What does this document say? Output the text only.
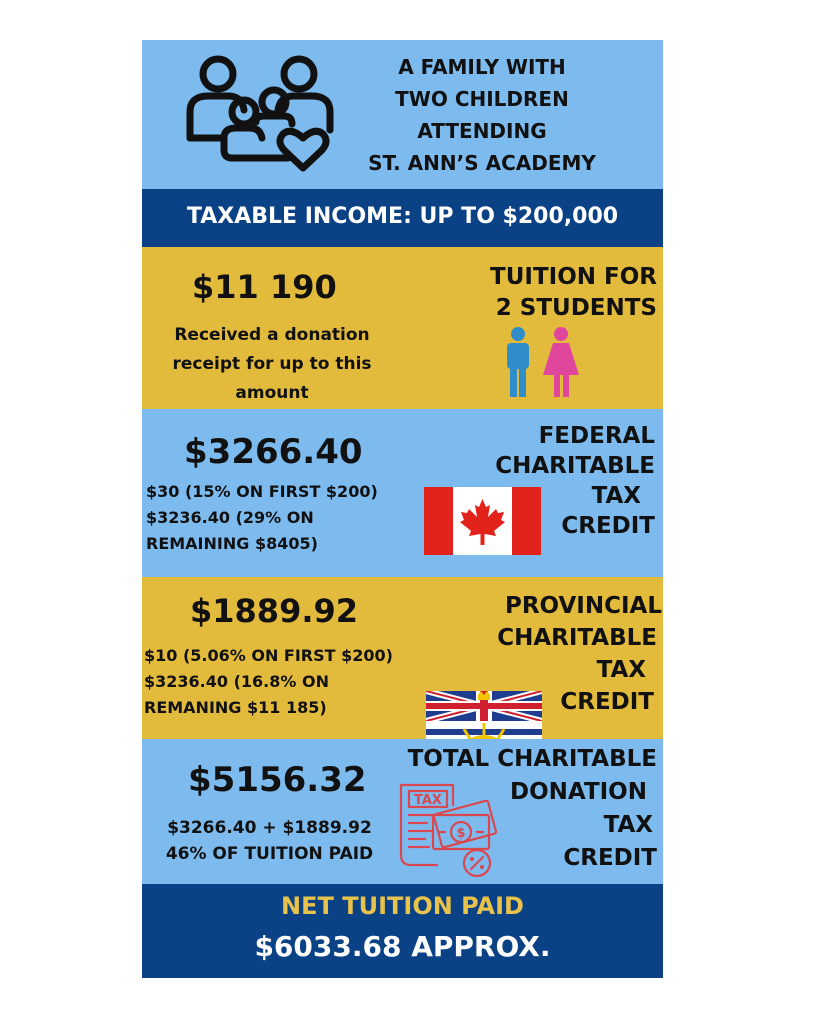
A FAMILY WITH
TWO CHILDREN
ATTENDING
ST. ANN’S ACADEMY
TAXABLE INCOME: UP TO $200,000
$11 190
Received a donation
receipt for up to this
amount
TUITION FOR
2 STUDENTS
$3266.40
$30 (15% ON FIRST $200)
$3236.40 (29% ON
REMAINING $8405)
FEDERAL
CHARITABLE
TAX
CREDIT
$1889.92
$10 (5.06% ON FIRST $200)
$3236.40 (16.8% ON
REMANING $11 185)
PROVINCIAL
CHARITABLE
TAX
CREDIT
$5156.32
$3266.40 + $1889.92
46% OF TUITION PAID
TOTAL CHARITABLE
DONATION
TAX
CREDIT
$
TAX
NET TUITION PAID
$6033.68 APPROX.
